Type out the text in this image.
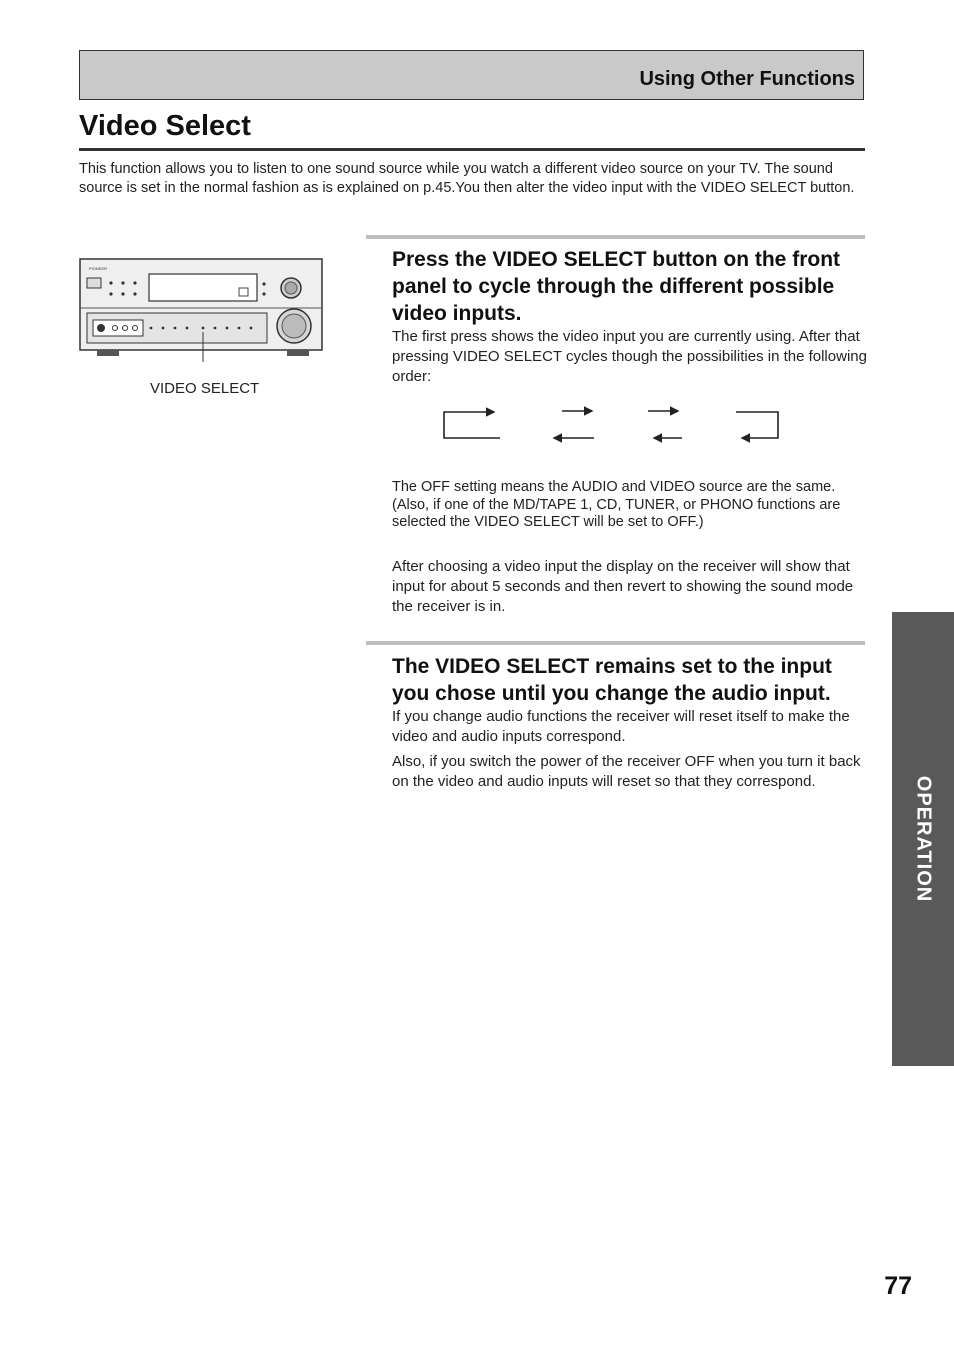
Using Other Functions
Video Select

This function allows you to listen to one sound source while you watch a different video source on your TV. The sound source is set in the normal fashion as is explained on p.45.You then alter the video input with the VIDEO SELECT button.

PIONEER
VIDEO SELECT
Press the VIDEO SELECT button on the front panel to cycle through the different possible video inputs.

The first press shows the video input you are currently using. After that pressing VIDEO SELECT cycles though the possibilities in the following order:

The OFF setting means the AUDIO and VIDEO source are the same. (Also, if one of the MD/TAPE 1, CD, TUNER, or PHONO functions are selected the VIDEO SELECT will be set to OFF.)

After choosing a video input the display on the receiver will show that input for about 5 seconds and then revert to showing the sound mode the receiver is in.

The VIDEO SELECT remains set to the input you chose until you change the audio input.

If you change audio functions the receiver will reset itself to make the video and audio inputs correspond.

Also, if you switch the power of the receiver OFF when you turn it back on the video and audio inputs will reset so that they correspond.	OPERATION
77
